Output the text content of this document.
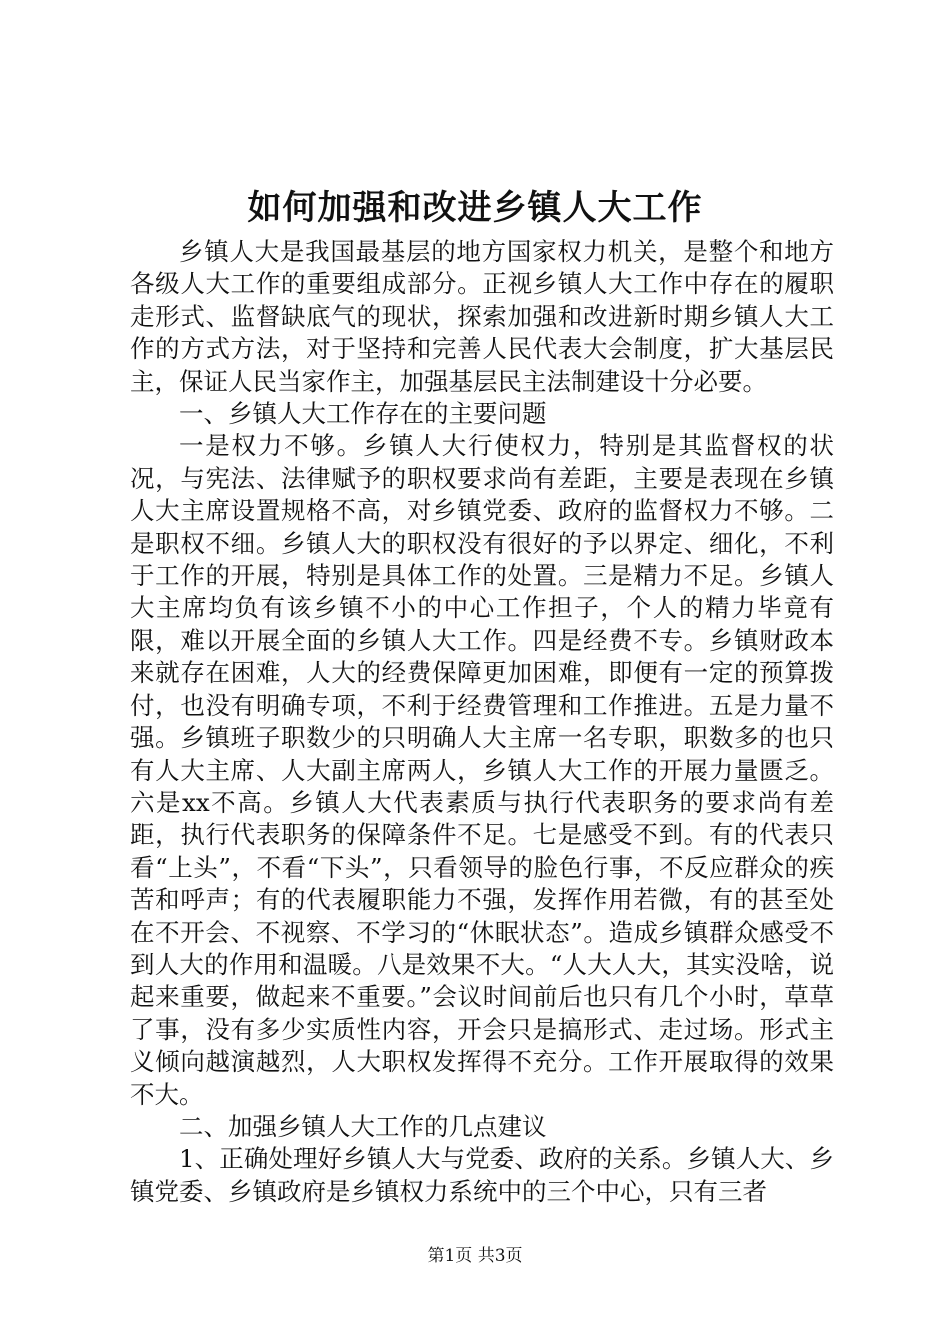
如何加强和改进乡镇人大工作

乡镇人大是我国最基层的地方国家权力机关，是整个和地方各级人大工作的重要组成部分。正视乡镇人大工作中存在的履职走形式、监督缺底气的现状，探索加强和改进新时期乡镇人大工作的方式方法，对于坚持和完善人民代表大会制度，扩大基层民主，保证人民当家作主，加强基层民主法制建设十分必要。

一、乡镇人大工作存在的主要问题

一是权力不够。乡镇人大行使权力，特别是其监督权的状况，与宪法、法律赋予的职权要求尚有差距，主要是表现在乡镇人大主席设置规格不高，对乡镇党委、政府的监督权力不够。二是职权不细。乡镇人大的职权没有很好的予以界定、细化，不利于工作的开展，特别是具体工作的处置。三是精力不足。乡镇人大主席均负有该乡镇不小的中心工作担子，个人的精力毕竟有限，难以开展全面的乡镇人大工作。四是经费不专。乡镇财政本来就存在困难，人大的经费保障更加困难，即便有一定的预算拨付，也没有明确专项，不利于经费管理和工作推进。五是力量不强。乡镇班子职数少的只明确人大主席一名专职，职数多的也只有人大主席、人大副主席两人，乡镇人大工作的开展力量匮乏。六是xx不高。乡镇人大代表素质与执行代表职务的要求尚有差距，执行代表职务的保障条件不足。七是感受不到。有的代表只看“上头”，不看“下头”，只看领导的脸色行事，不反应群众的疾苦和呼声；有的代表履职能力不强，发挥作用若微，有的甚至处在不开会、不视察、不学习的“休眠状态”。造成乡镇群众感受不到人大的作用和温暖。八是效果不大。“人大人大，其实没啥，说起来重要，做起来不重要。”会议时间前后也只有几个小时，草草了事，没有多少实质性内容，开会只是搞形式、走过场。形式主义倾向越演越烈，人大职权发挥得不充分。工作开展取得的效果不大。

二、加强乡镇人大工作的几点建议

1、正确处理好乡镇人大与党委、政府的关系。乡镇人大、乡镇党委、乡镇政府是乡镇权力系统中的三个中心，只有三者

第1页 共3页
